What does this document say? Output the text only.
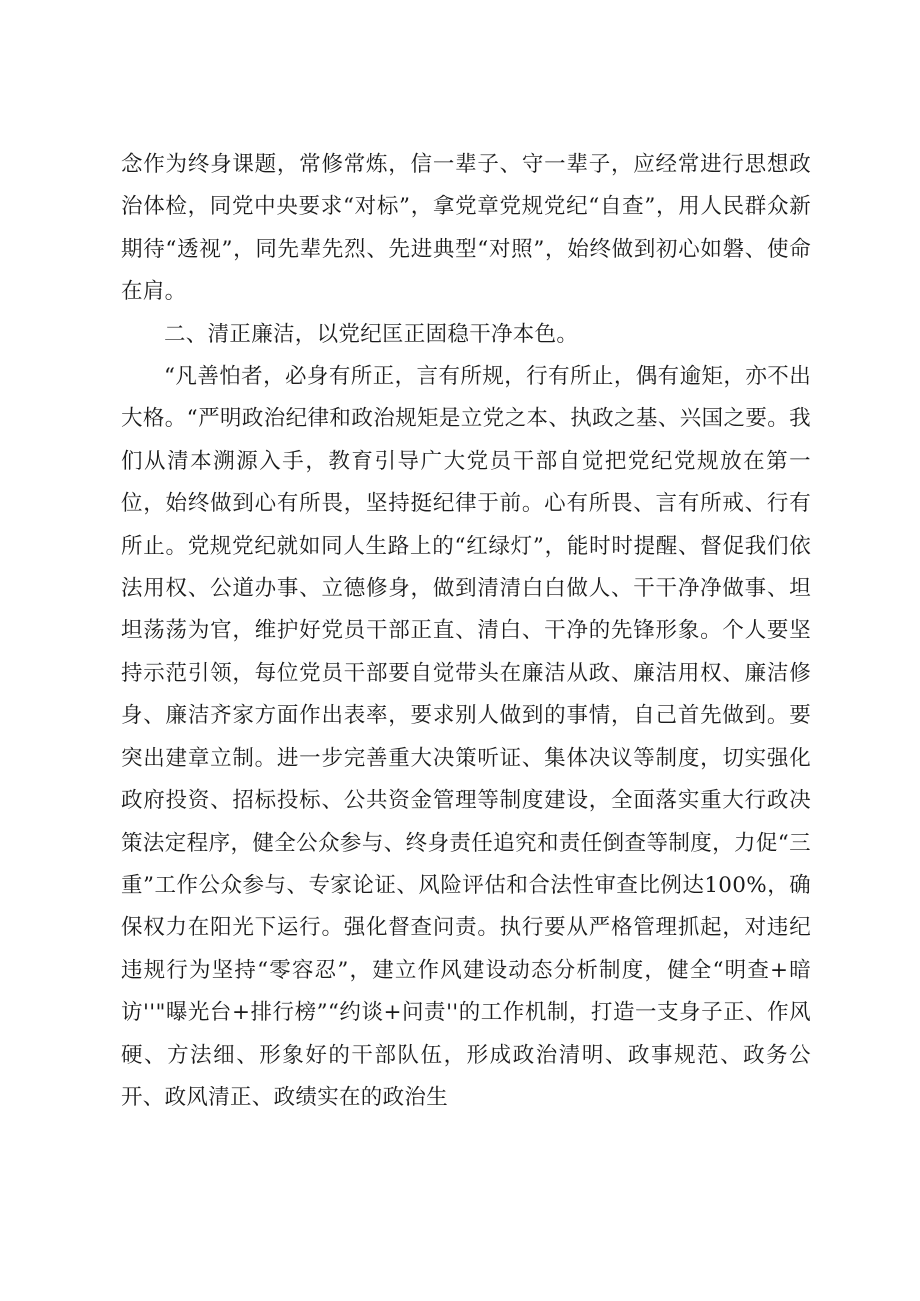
念作为终身课题，常修常炼，信一辈子、守一辈子，应经常进行思想政治体检，同党中央要求“对标”，拿党章党规党纪“自查”，用人民群众新期待“透视”，同先辈先烈、先进典型“对照”，始终做到初心如磐、使命在肩。

二、清正廉洁，以党纪匡正固稳干净本色。

“凡善怕者，必身有所正，言有所规，行有所止，偶有逾矩，亦不出大格。“严明政治纪律和政治规矩是立党之本、执政之基、兴国之要。我们从清本溯源入手，教育引导广大党员干部自觉把党纪党规放在第一位，始终做到心有所畏，坚持挺纪律于前。心有所畏、言有所戒、行有所止。党规党纪就如同人生路上的“红绿灯”，能时时提醒、督促我们依法用权、公道办事、立德修身，做到清清白白做人、干干净净做事、坦坦荡荡为官，维护好党员干部正直、清白、干净的先锋形象。个人要坚持示范引领，每位党员干部要自觉带头在廉洁从政、廉洁用权、廉洁修身、廉洁齐家方面作出表率，要求别人做到的事情，自己首先做到。要突出建章立制。进一步完善重大决策听证、集体决议等制度，切实强化政府投资、招标投标、公共资金管理等制度建设，全面落实重大行政决策法定程序，健全公众参与、终身责任追究和责任倒查等制度，力促“三重”工作公众参与、专家论证、风险评估和合法性审查比例达100%，确保权力在阳光下运行。强化督查问责。执行要从严格管理抓起，对违纪违规行为坚持“零容忍”，建立作风建设动态分析制度，健全“明查+暗访''"曝光台+排行榜”“约谈+问责''的工作机制，打造一支身子正、作风硬、方法细、形象好的干部队伍，形成政治清明、政事规范、政务公开、政风清正、政绩实在的政治生
